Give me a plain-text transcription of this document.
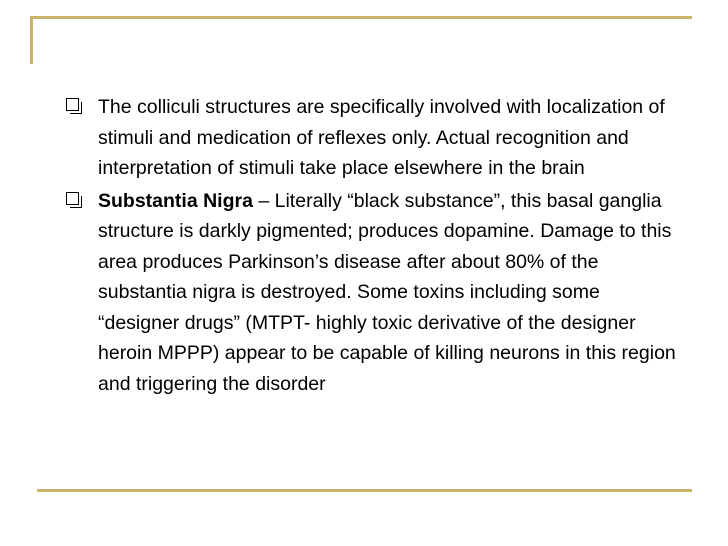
The colliculi structures are specifically involved with localization of stimuli and medication of reflexes only. Actual recognition and interpretation of stimuli take place elsewhere in the brain
Substantia Nigra – Literally “black substance”, this basal ganglia structure is darkly pigmented; produces dopamine. Damage to this area produces Parkinson’s disease after about 80% of the substantia nigra is destroyed. Some toxins including some “designer drugs” (MTPT- highly toxic derivative of the designer heroin MPPP) appear to be capable of killing neurons in this region and triggering the disorder
